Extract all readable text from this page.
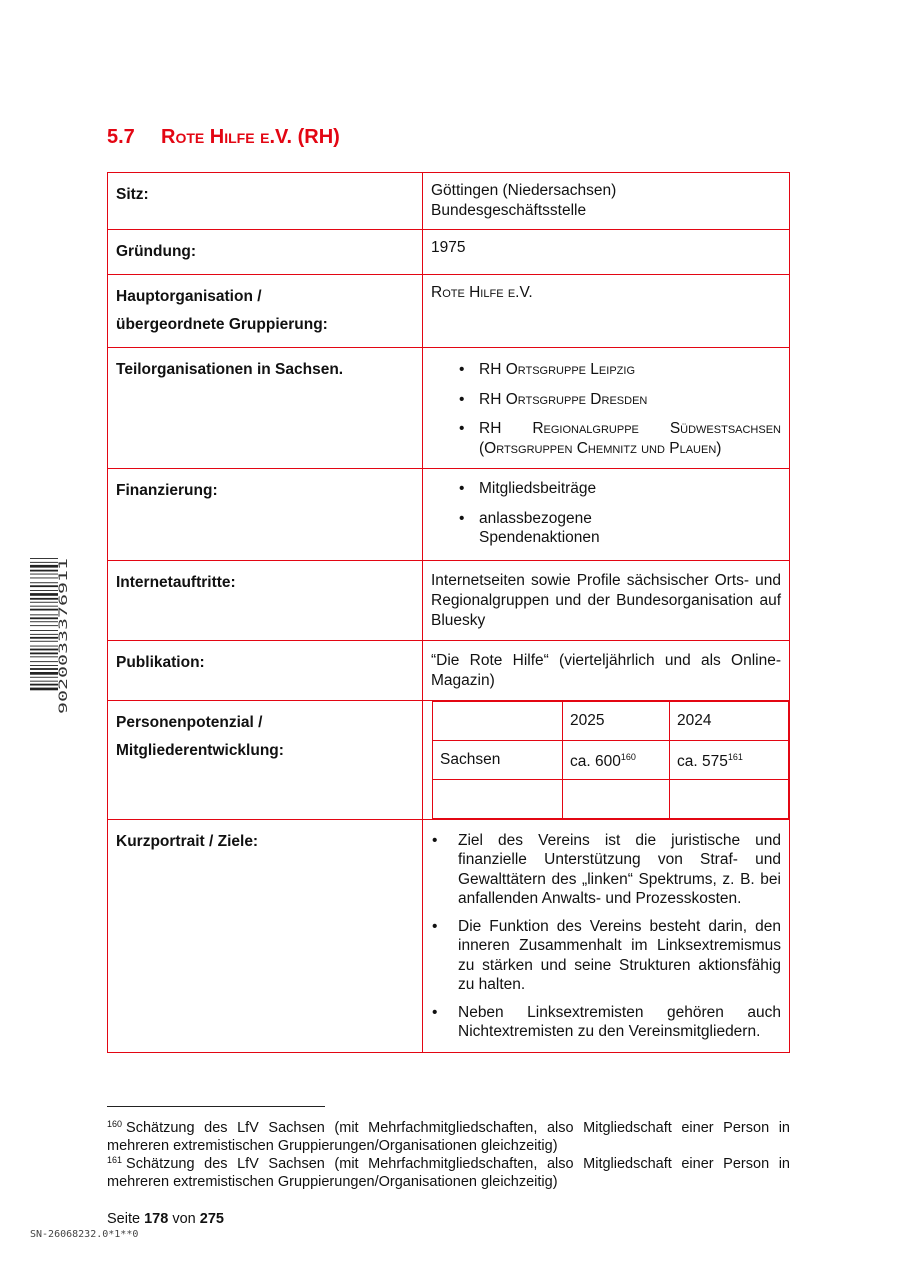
5.7 Rote Hilfe e.V. (RH)
Sitz:	Göttingen (Niedersachsen)
Bundesgeschäftsstelle

Gründung:	1975

Hauptorganisation /
übergeordnete Gruppierung:
	Rote Hilfe e.V.
Teilorganisationen in Sachsen.	
•RH Ortsgruppe Leipzig
• RH Ortsgruppe Dresden
• RH Regionalgruppe Südwestsachsen (Ortsgruppen Chemnitz und Plauen)

Finanzierung:	
•Mitgliedsbeiträge
• anlassbezogene Spendenaktionen

Internetauftritte:	Internetseiten sowie Profile sächsischer Orts- und Regionalgruppen und der Bundesorganisation auf Bluesky
Publikation:	“Die Rote Hilfe“ (vierteljährlich und als Online-Magazin)

Personenpotenzial /
Mitgliederentwicklung:

	2025	2024
Sachsen	ca. $600^{160}$	ca. $575^{161}$

Kurzportrait / Ziele:	
•Ziel des Vereins ist die juristische und finanzielle Unterstützung von Straf- und Gewalttätern des „linken“ Spektrums, z. B. bei anfallenden Anwalts- und Prozesskosten.
• Die Funktion des Vereins besteht darin, den inneren Zusammenhalt im Linksextremismus zu stärken und seine Strukturen aktionsfähig zu halten.
• Neben Linksextremisten gehören auch Nichtextremisten zu den Vereinsmitgliedern.
$^{160}$ Schätzung des LfV Sachsen (mit Mehrfachmitgliedschaften, also Mitgliedschaft einer Person in mehreren extremistischen Gruppierungen/Organisationen gleichzeitig)
$^{161}$ Schätzung des LfV Sachsen (mit Mehrfachmitgliedschaften, also Mitgliedschaft einer Person in mehreren extremistischen Gruppierungen/Organisationen gleichzeitig)
Seite 178 von 275
SN-26068232.0*1**0
9020033376911
